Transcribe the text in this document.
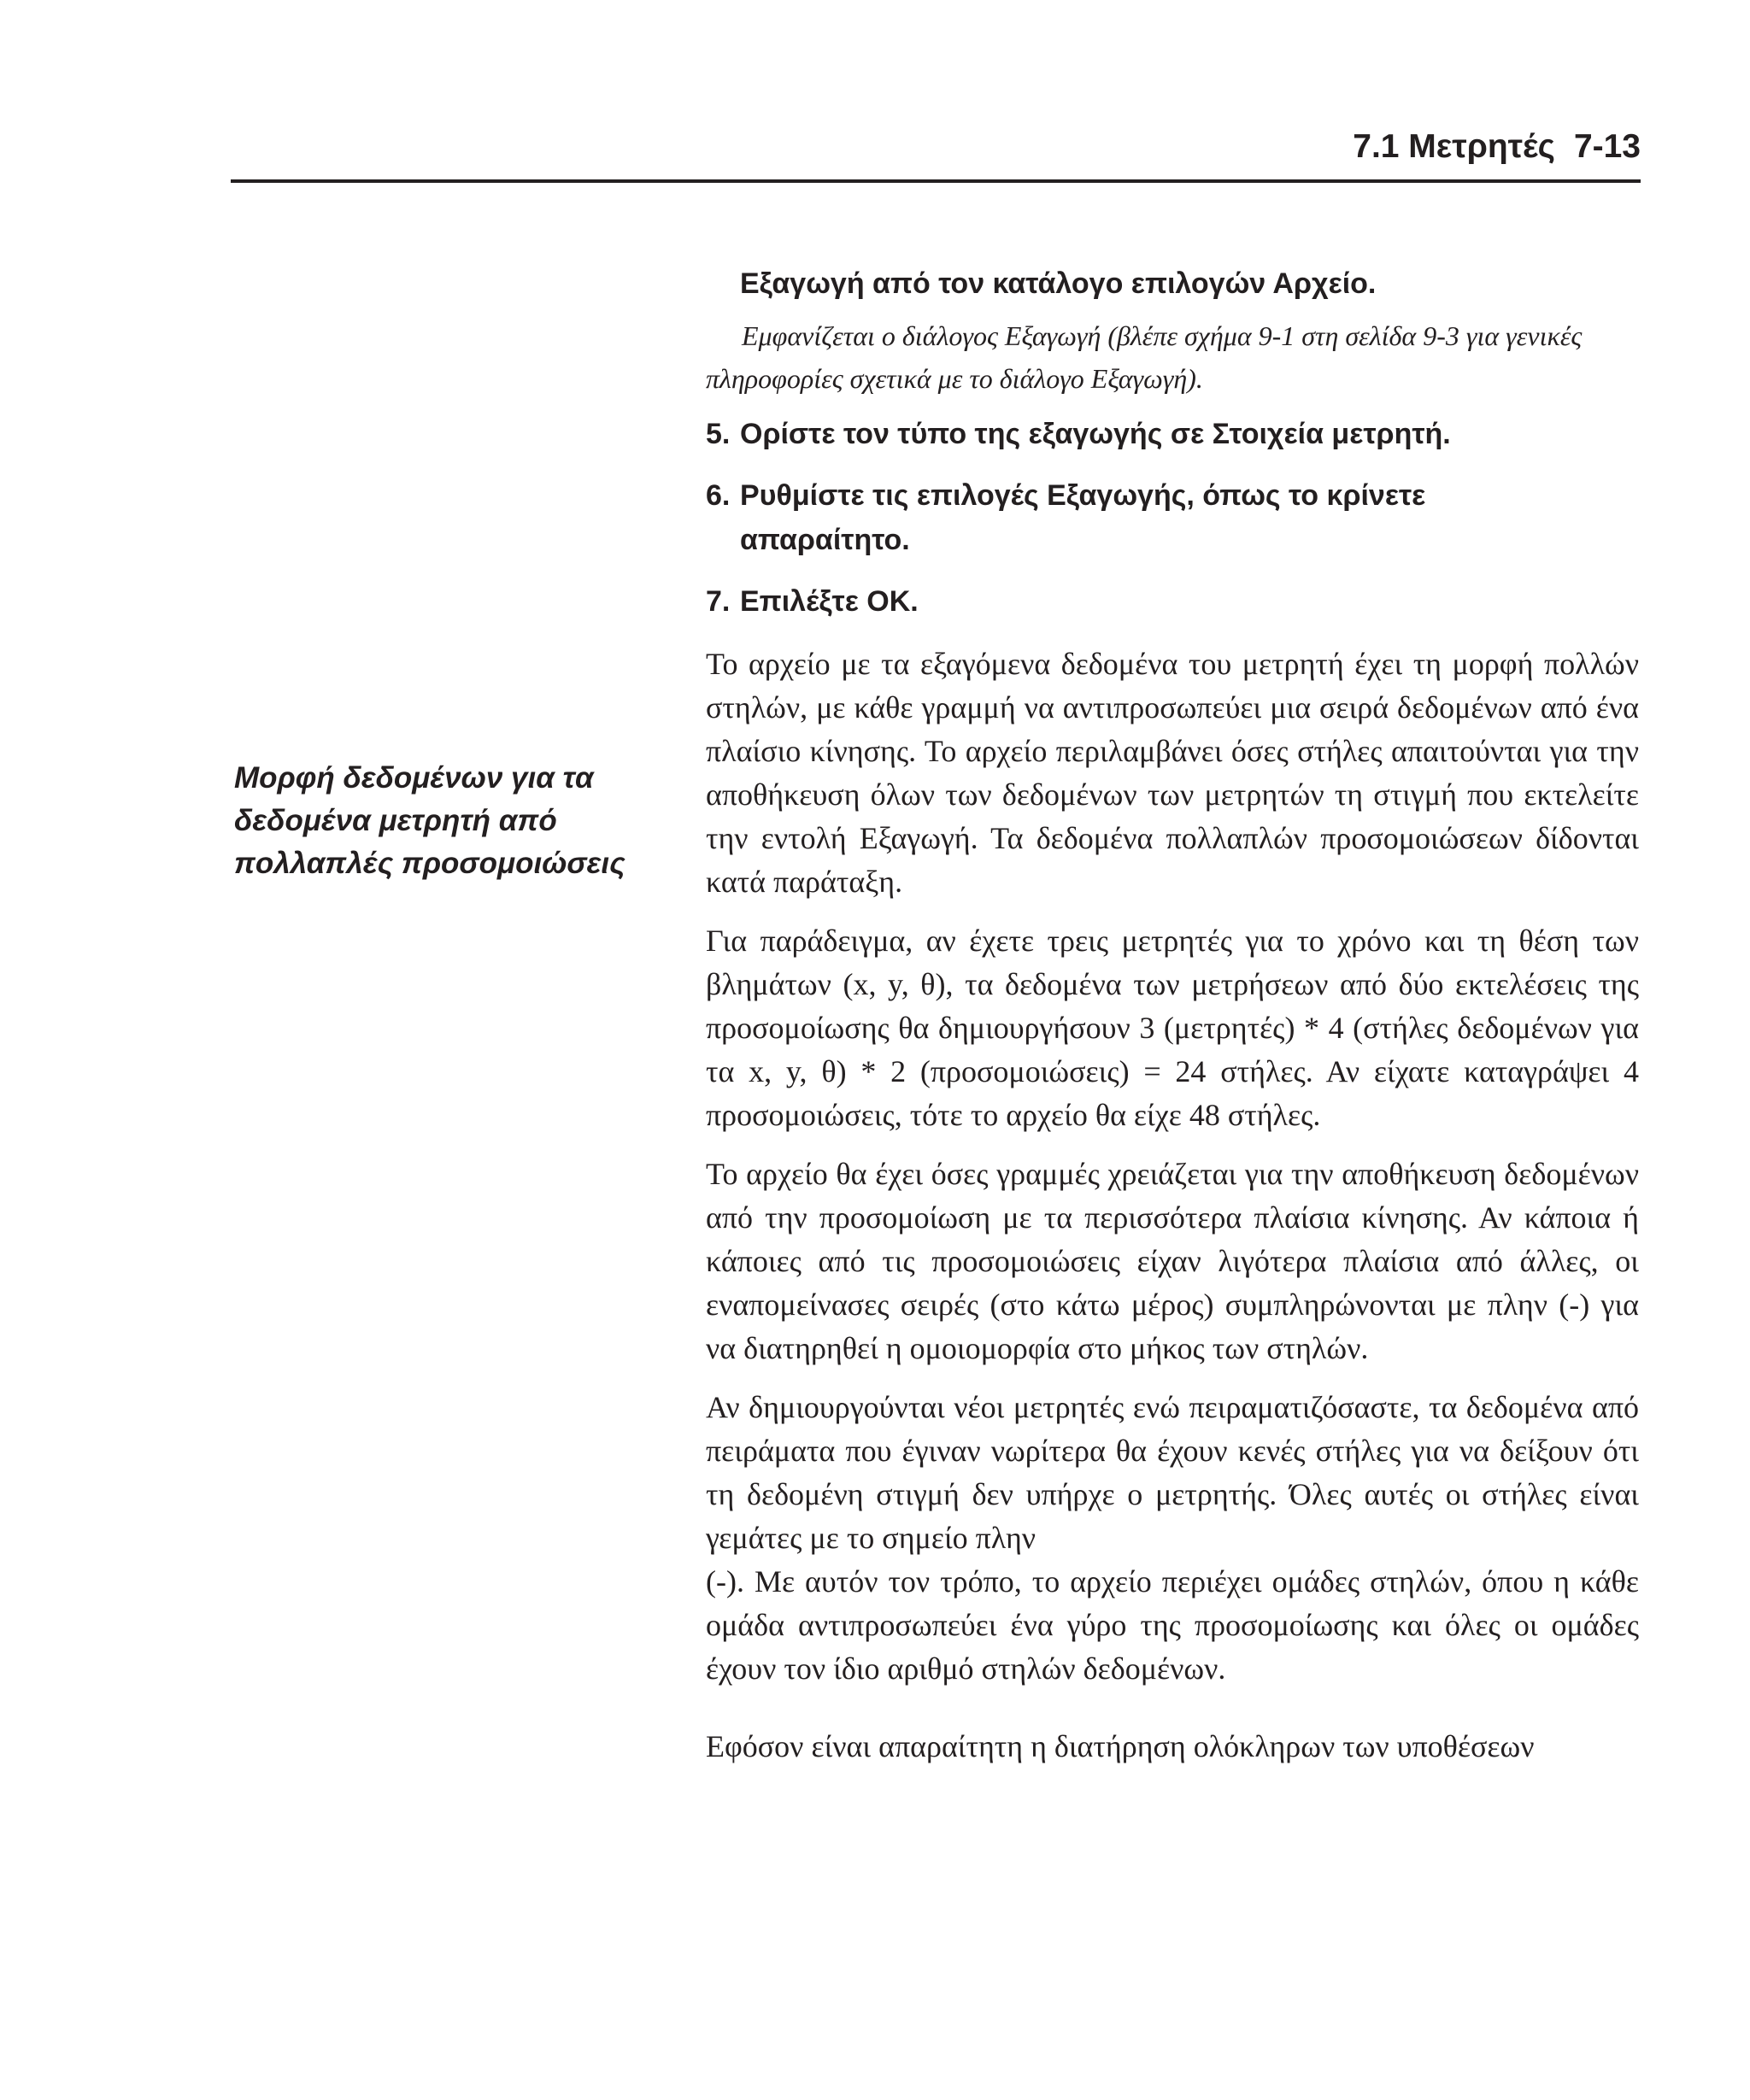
7.1 Μετρητές 7-13
Μορφή δεδομένων για τα
δεδομένα μετρητή από
πολλαπλές προσομοιώσεις
Εξαγωγή από τον κατάλογο επιλογών Αρχείο.

Εμφανίζεται ο διάλογος Εξαγωγή (βλέπε σχήμα 9-1 στη σελίδα 9-3 για γενικές πληροφορίες σχετικά με το διάλογο Εξαγωγή).

5. Ορίστε τον τύπο της εξαγωγής σε Στοιχεία μετρητή.
6. Ρυθμίστε τις επιλογές Εξαγωγής, όπως το κρίνετε απαραίτητο.
7. Επιλέξτε ΟΚ.

Το αρχείο με τα εξαγόμενα δεδομένα του μετρητή έχει τη μορφή πολλών στηλών, με κάθε γραμμή να αντιπροσωπεύει μια σειρά δεδομένων από ένα πλαίσιο κίνησης. Το αρχείο περιλαμβάνει όσες στήλες απαιτούνται για την αποθήκευση όλων των δεδομένων των μετρητών τη στιγμή που εκτελείτε την εντολή Εξαγωγή. Τα δεδομένα πολλαπλών προσομοιώσεων δίδονται κατά παράταξη.

Για παράδειγμα, αν έχετε τρεις μετρητές για το χρόνο και τη θέση των βλημάτων (x, y, θ), τα δεδομένα των μετρήσεων από δύο εκτελέσεις της προσομοίωσης θα δημιουργήσουν 3 (μετρητές) * 4 (στήλες δεδομένων για τα x, y, θ) * 2 (προσομοιώσεις) = 24 στήλες. Αν είχατε καταγράψει 4 προσομοιώσεις, τότε το αρχείο θα είχε 48 στήλες.

Το αρχείο θα έχει όσες γραμμές χρειάζεται για την αποθήκευση δεδομένων από την προσομοίωση με τα περισσότερα πλαίσια κίνησης. Αν κάποια ή κάποιες από τις προσομοιώσεις είχαν λιγότερα πλαίσια από άλλες, οι εναπομείνασες σειρές (στο κάτω μέρος) συμπληρώνονται με πλην (-) για να διατηρηθεί η ομοιομορφία στο μήκος των στηλών.

Αν δημιουργούνται νέοι μετρητές ενώ πειραματιζόσαστε, τα δεδομένα από πειράματα που έγιναν νωρίτερα θα έχουν κενές στήλες για να δείξουν ότι τη δεδομένη στιγμή δεν υπήρχε ο μετρητής. Όλες αυτές οι στήλες είναι γεμάτες με το σημείο πλην
(-). Με αυτόν τον τρόπο, το αρχείο περιέχει ομάδες στηλών, όπου η κάθε ομάδα αντιπροσωπεύει ένα γύρο της προσομοίωσης και όλες οι ομάδες έχουν τον ίδιο αριθμό στηλών δεδομένων.

Εφόσον είναι απαραίτητη η διατήρηση ολόκληρων των υποθέσεων
